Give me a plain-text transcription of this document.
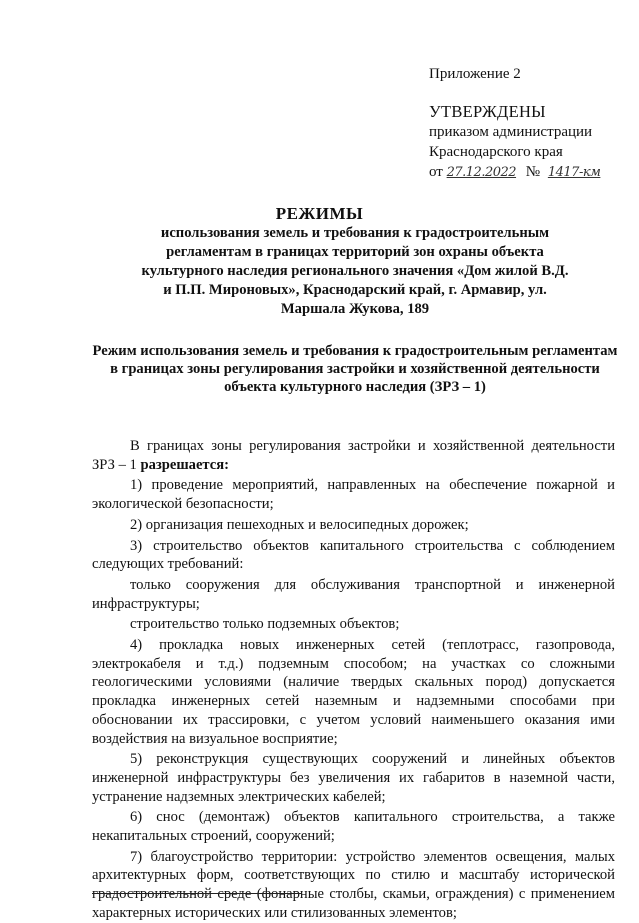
Приложение 2

УТВЕРЖДЕНЫ

приказом администрации

Краснодарского края

от 27.12.2022 № 1417-км

РЕЖИМЫ

использования земель и требования к градостроительным регламентам в границах территорий зон охраны объекта культурного наследия регионального значения «Дом жилой В.Д. и П.П. Мироновых», Краснодарский край, г. Армавир, ул. Маршала Жукова, 189

Режим использования земель и требования к градостроительным регламентам в границах зоны регулирования застройки и хозяйственной деятельности объекта культурного наследия (ЗРЗ – 1)

В границах зоны регулирования застройки и хозяйственной деятельности ЗРЗ – 1 разрешается:

1) проведение мероприятий, направленных на обеспечение пожарной и экологической безопасности;

2) организация пешеходных и велосипедных дорожек;

3) строительство объектов капитального строительства с соблюдением следующих требований:

только сооружения для обслуживания транспортной и инженерной инфраструктуры;

строительство только подземных объектов;

4) прокладка новых инженерных сетей (теплотрасс, газопровода, электрокабеля и т.д.) подземным способом; на участках со сложными геологическими условиями (наличие твердых скальных пород) допускается прокладка инженерных сетей наземным и надземными способами при обосновании их трассировки, с учетом условий наименьшего оказания ими воздействия на визуальное восприятие;

5) реконструкция существующих сооружений и линейных объектов инженерной инфраструктуры без увеличения их габаритов в наземной части, устранение надземных электрических кабелей;

6) снос (демонтаж) объектов капитального строительства, а также некапитальных строений, сооружений;

7) благоустройство территории: устройство элементов освещения, малых архитектурных форм, соответствующих по стилю и масштабу исторической градостроительной среде (фонарные столбы, скамьи, ограждения) с применением характерных исторических или стилизованных элементов;
